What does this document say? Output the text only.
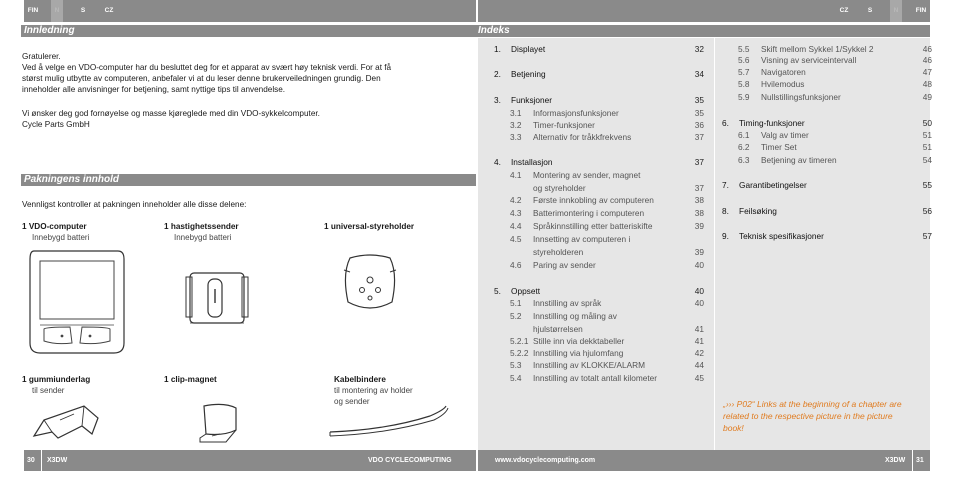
FIN	N	S	CZ	CZ	S	N	FIN
Innledning
Gratulerer.
Ved å velge en VDO-computer har du besluttet deg for et apparat av svært høy teknisk verdi. For at få
størst mulig utbytte av computeren, anbefaler vi at du leser denne brukerveiledningen grundig. Den
inneholder alle anvisninger for betjening, samt nyttige tips til anvendelse.
Vi ønsker deg god fornøyelse og masse kjøreglede med din VDO-sykkelcomputer.
Cycle Parts GmbH
Pakningens innhold
Vennligst kontroller at pakningen inneholder alle disse delene:
1 VDO-computer
Innebygd batteri
1 hastighetssender
Innebygd batteri
1 universal-styreholder
1 gummiunderlag
til sender
1 clip-magnet	Kabelbindere
til montering av holder
og sender
Indeks
1. Displayet	32
2. Betjening	34
3. Funksjoner	35
3.1 Informasjonsfunksjoner	35
3.2 Timer-funksjoner	36
3.3 Alternativ for tråkkfrekvens	37
4. Installasjon	37
4.1 Montering av sender, magnet
og styreholder	37
4.2 Første innkobling av computeren	38
4.3 Batterimontering i computeren	38
4.4 Språkinnstilling etter batteriskifte	39
4.5 Innsetting av computeren i
styreholderen	39
4.6 Paring av sender	40
5. Oppsett	40
5.1 Innstilling av språk	40
5.2 Innstilling og måling av
hjulstørrelsen	41
5.2.1 Stille inn via dekktabeller	41
5.2.2 Innstilling via hjulomfang	42
5.3 Innstilling av KLOKKE/ALARM	44
5.4 Innstilling av totalt antall kilometer	45
5.5 Skift mellom Sykkel 1/Sykkel 2	46
5.6 Visning av serviceintervall	46
5.7 Navigatoren	47
5.8 Hvilemodus	48
5.9 Nullstillingsfunksjoner	49
6. Timing-funksjoner	50
6.1 Valg av timer	51
6.2 Timer Set	51
6.3 Betjening av timeren	54
7. Garantibetingelser	55
8. Feilsøking	56
9. Teknisk spesifikasjoner	57
„››› P02“ Links at the beginning of a chapter are
related to the respective picture in the picture
book!
30 X3DW	VDO CYCLECOMPUTING	www.vdocyclecomputing.com	X3DW 31
